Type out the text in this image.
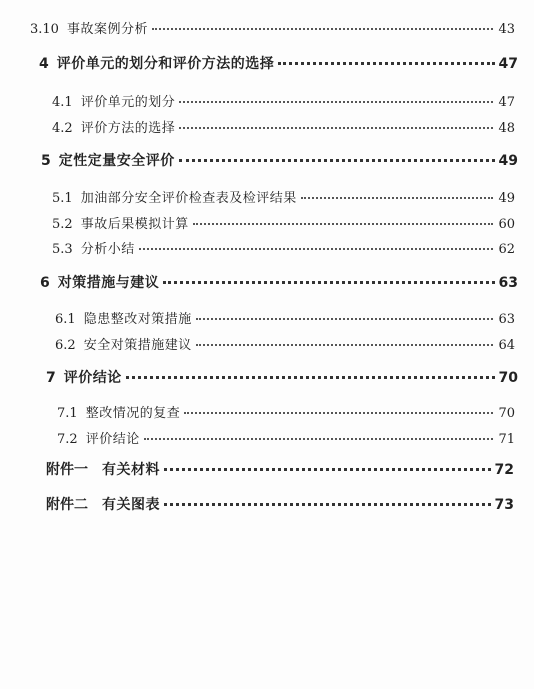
3.10 事故案例分析	43
4 评价单元的划分和评价方法的选择	47
4.1 评价单元的划分	47
4.2 评价方法的选择	48
5 定性定量安全评价	49
5.1 加油部分安全评价检查表及检评结果	49
5.2 事故后果模拟计算	60
5.3 分析小结	62
6 对策措施与建议	63
6.1 隐患整改对策措施	63
6.2 安全对策措施建议	64
7 评价结论	70
7.1 整改情况的复查	70
7.2 评价结论	71
附件一 有关材料	72
附件二 有关图表	73
